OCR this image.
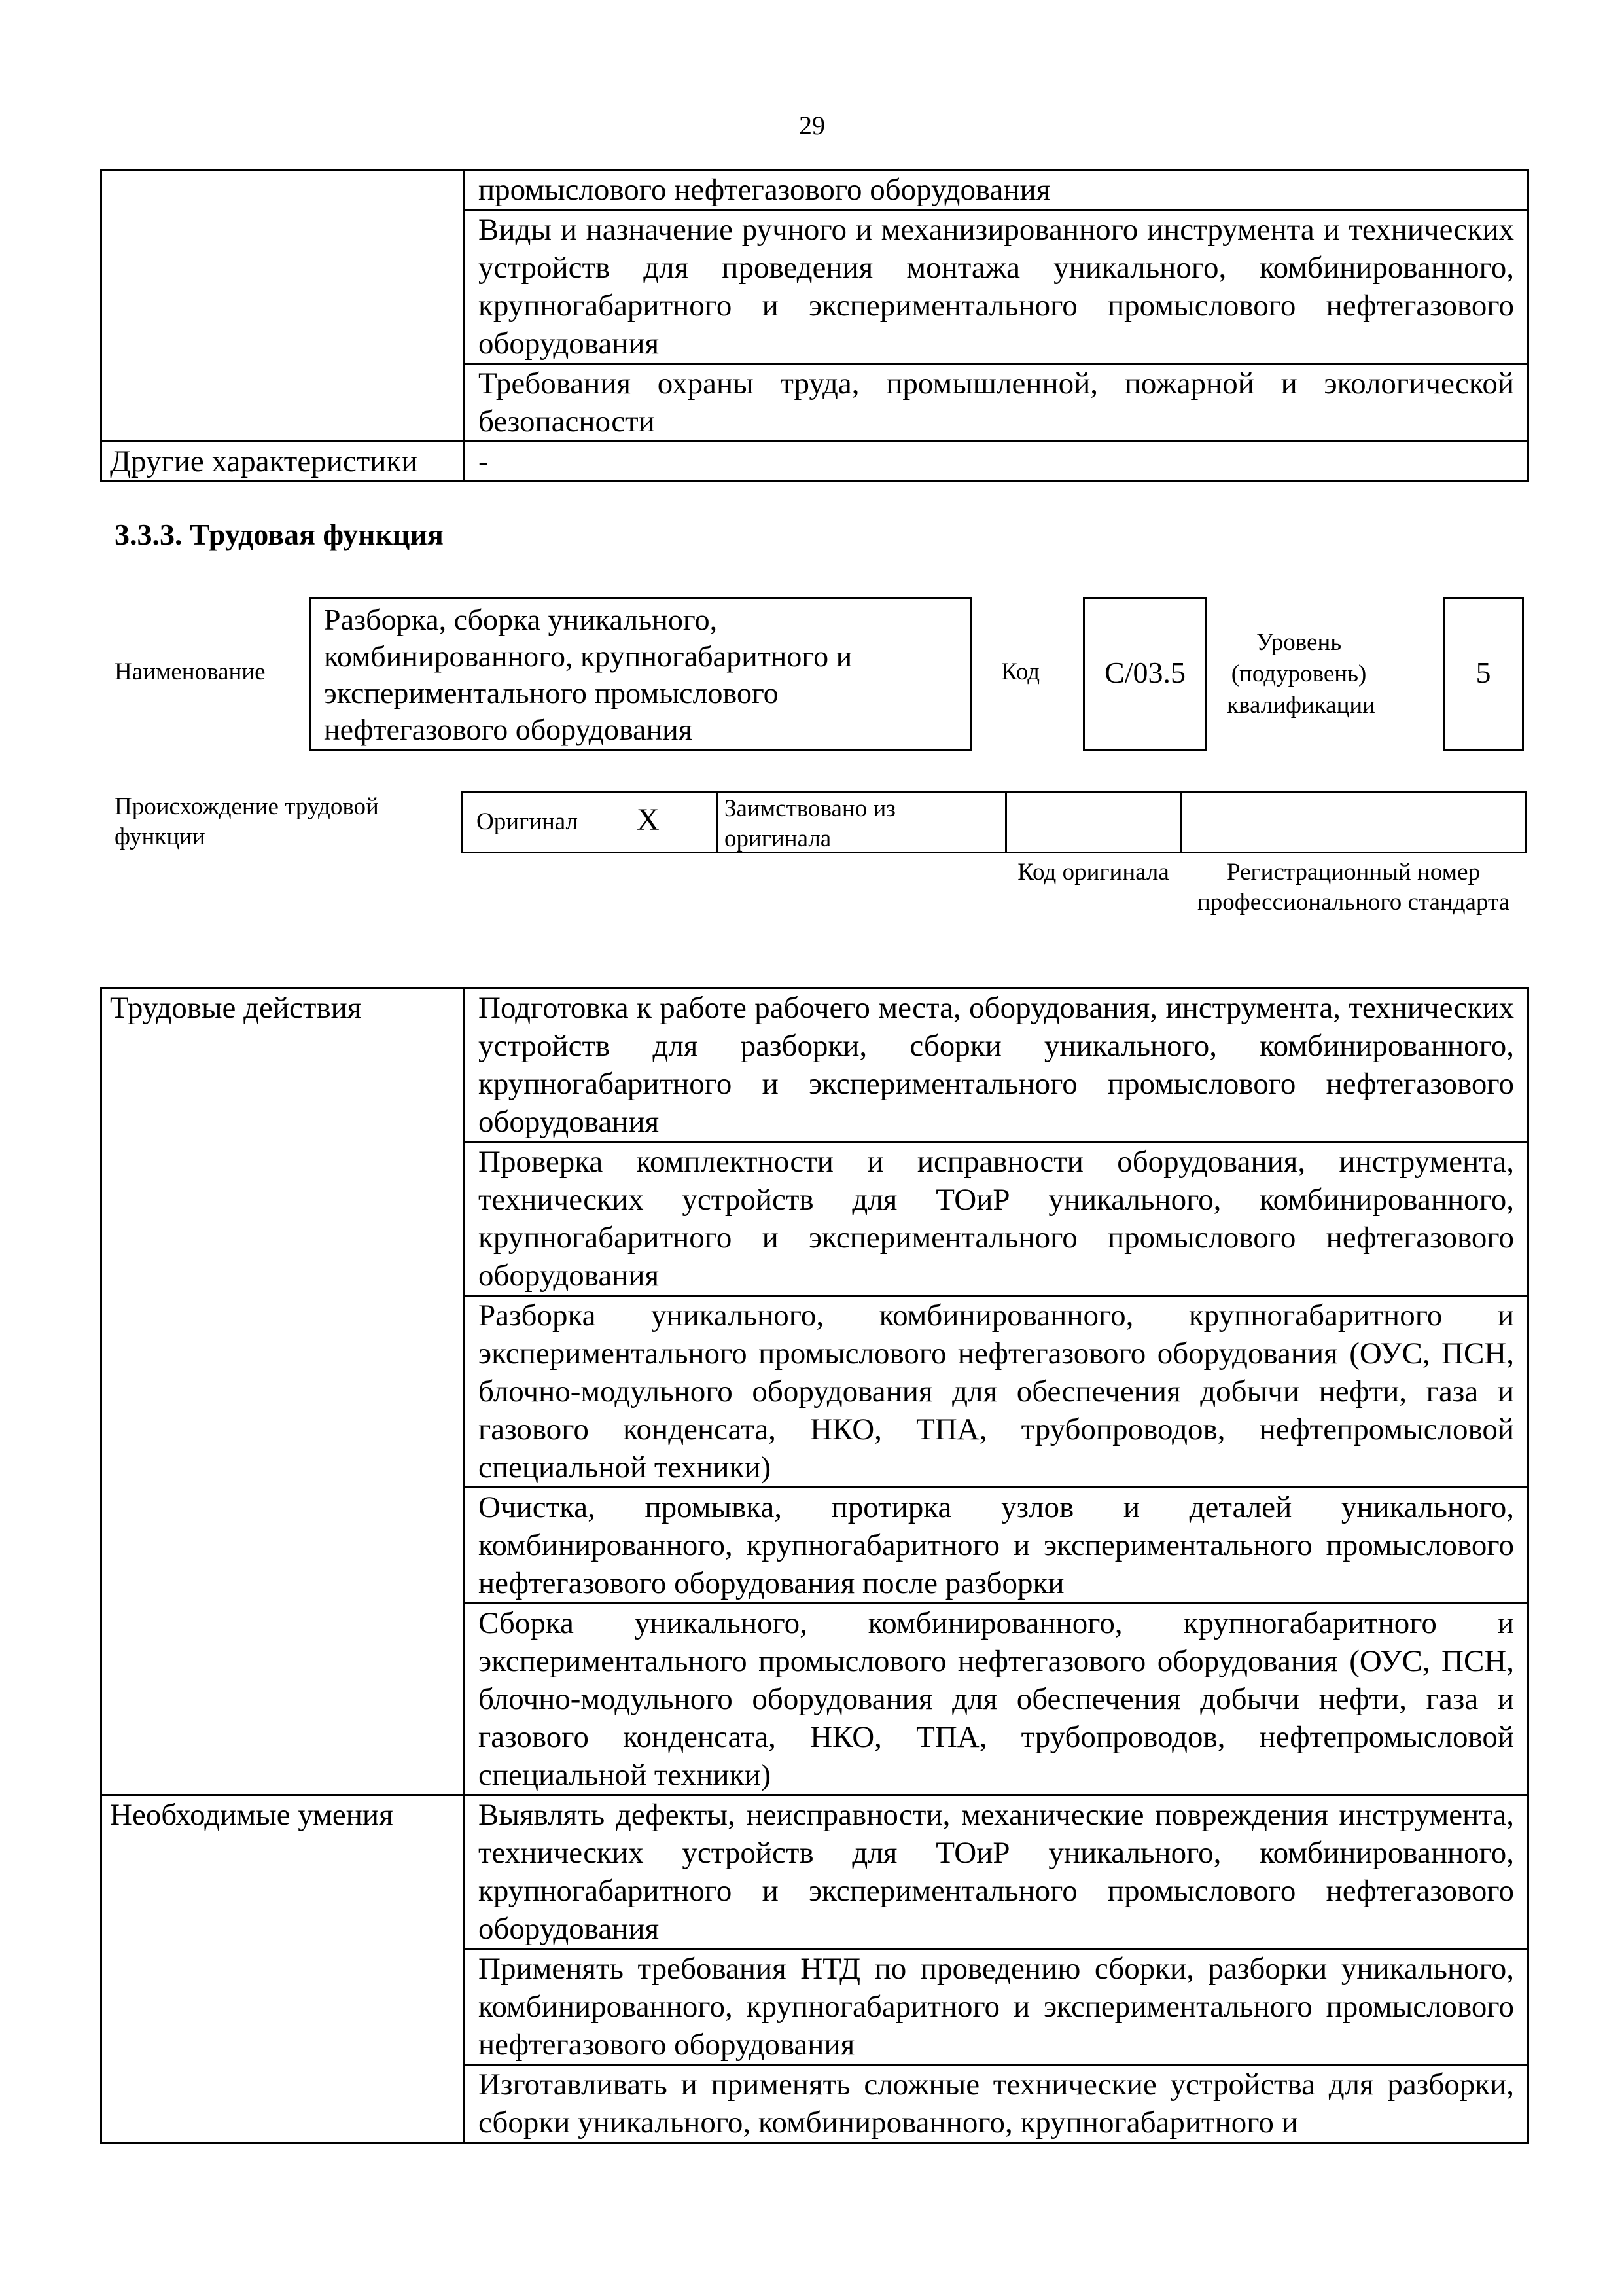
29
	промыслового нефтегазового оборудования
	Виды и назначение ручного и механизированного инструмента и технических устройств для проведения монтажа уникального, комбинированного, крупногабаритного и экспериментального промыслового нефтегазового оборудования
	Требования охраны труда, промышленной, пожарной и экологической безопасности
Другие характеристики	-
3.3.3. Трудовая функция
Наименование
Разборка, сборка уникального, комбинированного, крупногабаритного и экспериментального промыслового нефтегазового оборудования
Код	С/03.5
Уровень (подуровень) квалификации
5
Происхождение трудовой функции
Оригинал X	Заимствовано из оригинала
Код оригинала	Регистрационный номер профессионального стандарта
Трудовые действия	Подготовка к работе рабочего места, оборудования, инструмента, технических устройств для разборки, сборки уникального, комбинированного, крупногабаритного и экспериментального промыслового нефтегазового оборудования
	Проверка комплектности и исправности оборудования, инструмента, технических устройств для ТОиР уникального, комбинированного, крупногабаритного и экспериментального промыслового нефтегазового оборудования
	Разборка уникального, комбинированного, крупногабаритного и экспериментального промыслового нефтегазового оборудования (ОУС, ПСН, блочно-модульного оборудования для обеспечения добычи нефти, газа и газового конденсата, НКО, ТПА, трубопроводов, нефтепромысловой специальной техники)
	Очистка, промывка, протирка узлов и деталей уникального, комбинированного, крупногабаритного и экспериментального промыслового нефтегазового оборудования после разборки
	Сборка уникального, комбинированного, крупногабаритного и экспериментального промыслового нефтегазового оборудования (ОУС, ПСН, блочно-модульного оборудования для обеспечения добычи нефти, газа и газового конденсата, НКО, ТПА, трубопроводов, нефтепромысловой специальной техники)
Необходимые умения	Выявлять дефекты, неисправности, механические повреждения инструмента, технических устройств для ТОиР уникального, комбинированного, крупногабаритного и экспериментального промыслового нефтегазового оборудования
	Применять требования НТД по проведению сборки, разборки уникального, комбинированного, крупногабаритного и экспериментального промыслового нефтегазового оборудования
	Изготавливать и применять сложные технические устройства для разборки, сборки уникального, комбинированного, крупногабаритного и
